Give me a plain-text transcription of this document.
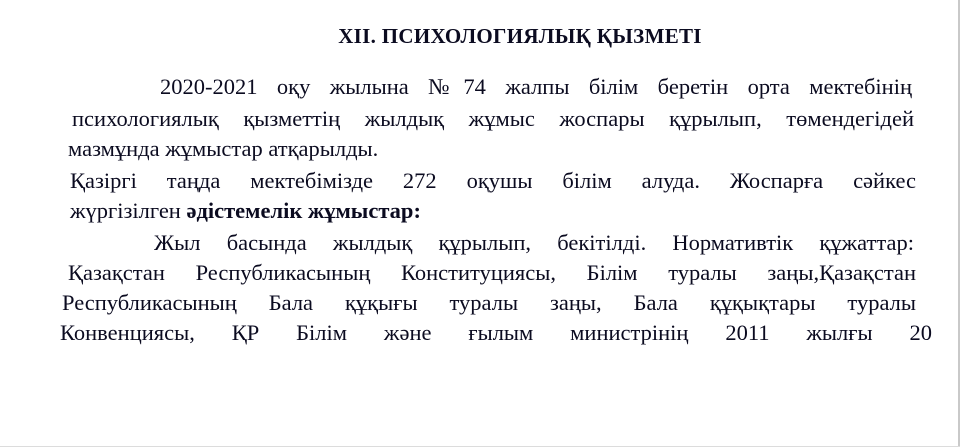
XII. ПСИХОЛОГИЯЛЫҚ ҚЫЗМЕТІ
2020-2021 оқу жылына №74 жалпы білім беретін орта мектебінің
психологиялық қызметтің жылдық жұмыс жоспары құрылып, төмендегідей
мазмұнда жұмыстар атқарылды.
Қазіргі таңда мектебімізде 272 оқушы білім алуда. Жоспарға сәйкес
жүргізілген әдістемелік жұмыстар:
Жыл басында жылдық құрылып, бекітілді. Нормативтік құжаттар:
Қазақстан Республикасының Конституциясы, Білім туралы заңы,Қазақстан
Республикасының Бала құқығы туралы заңы, Бала құқықтары туралы
Конвенциясы, ҚР Білім және ғылым министрінің 2011 жылғы 20
